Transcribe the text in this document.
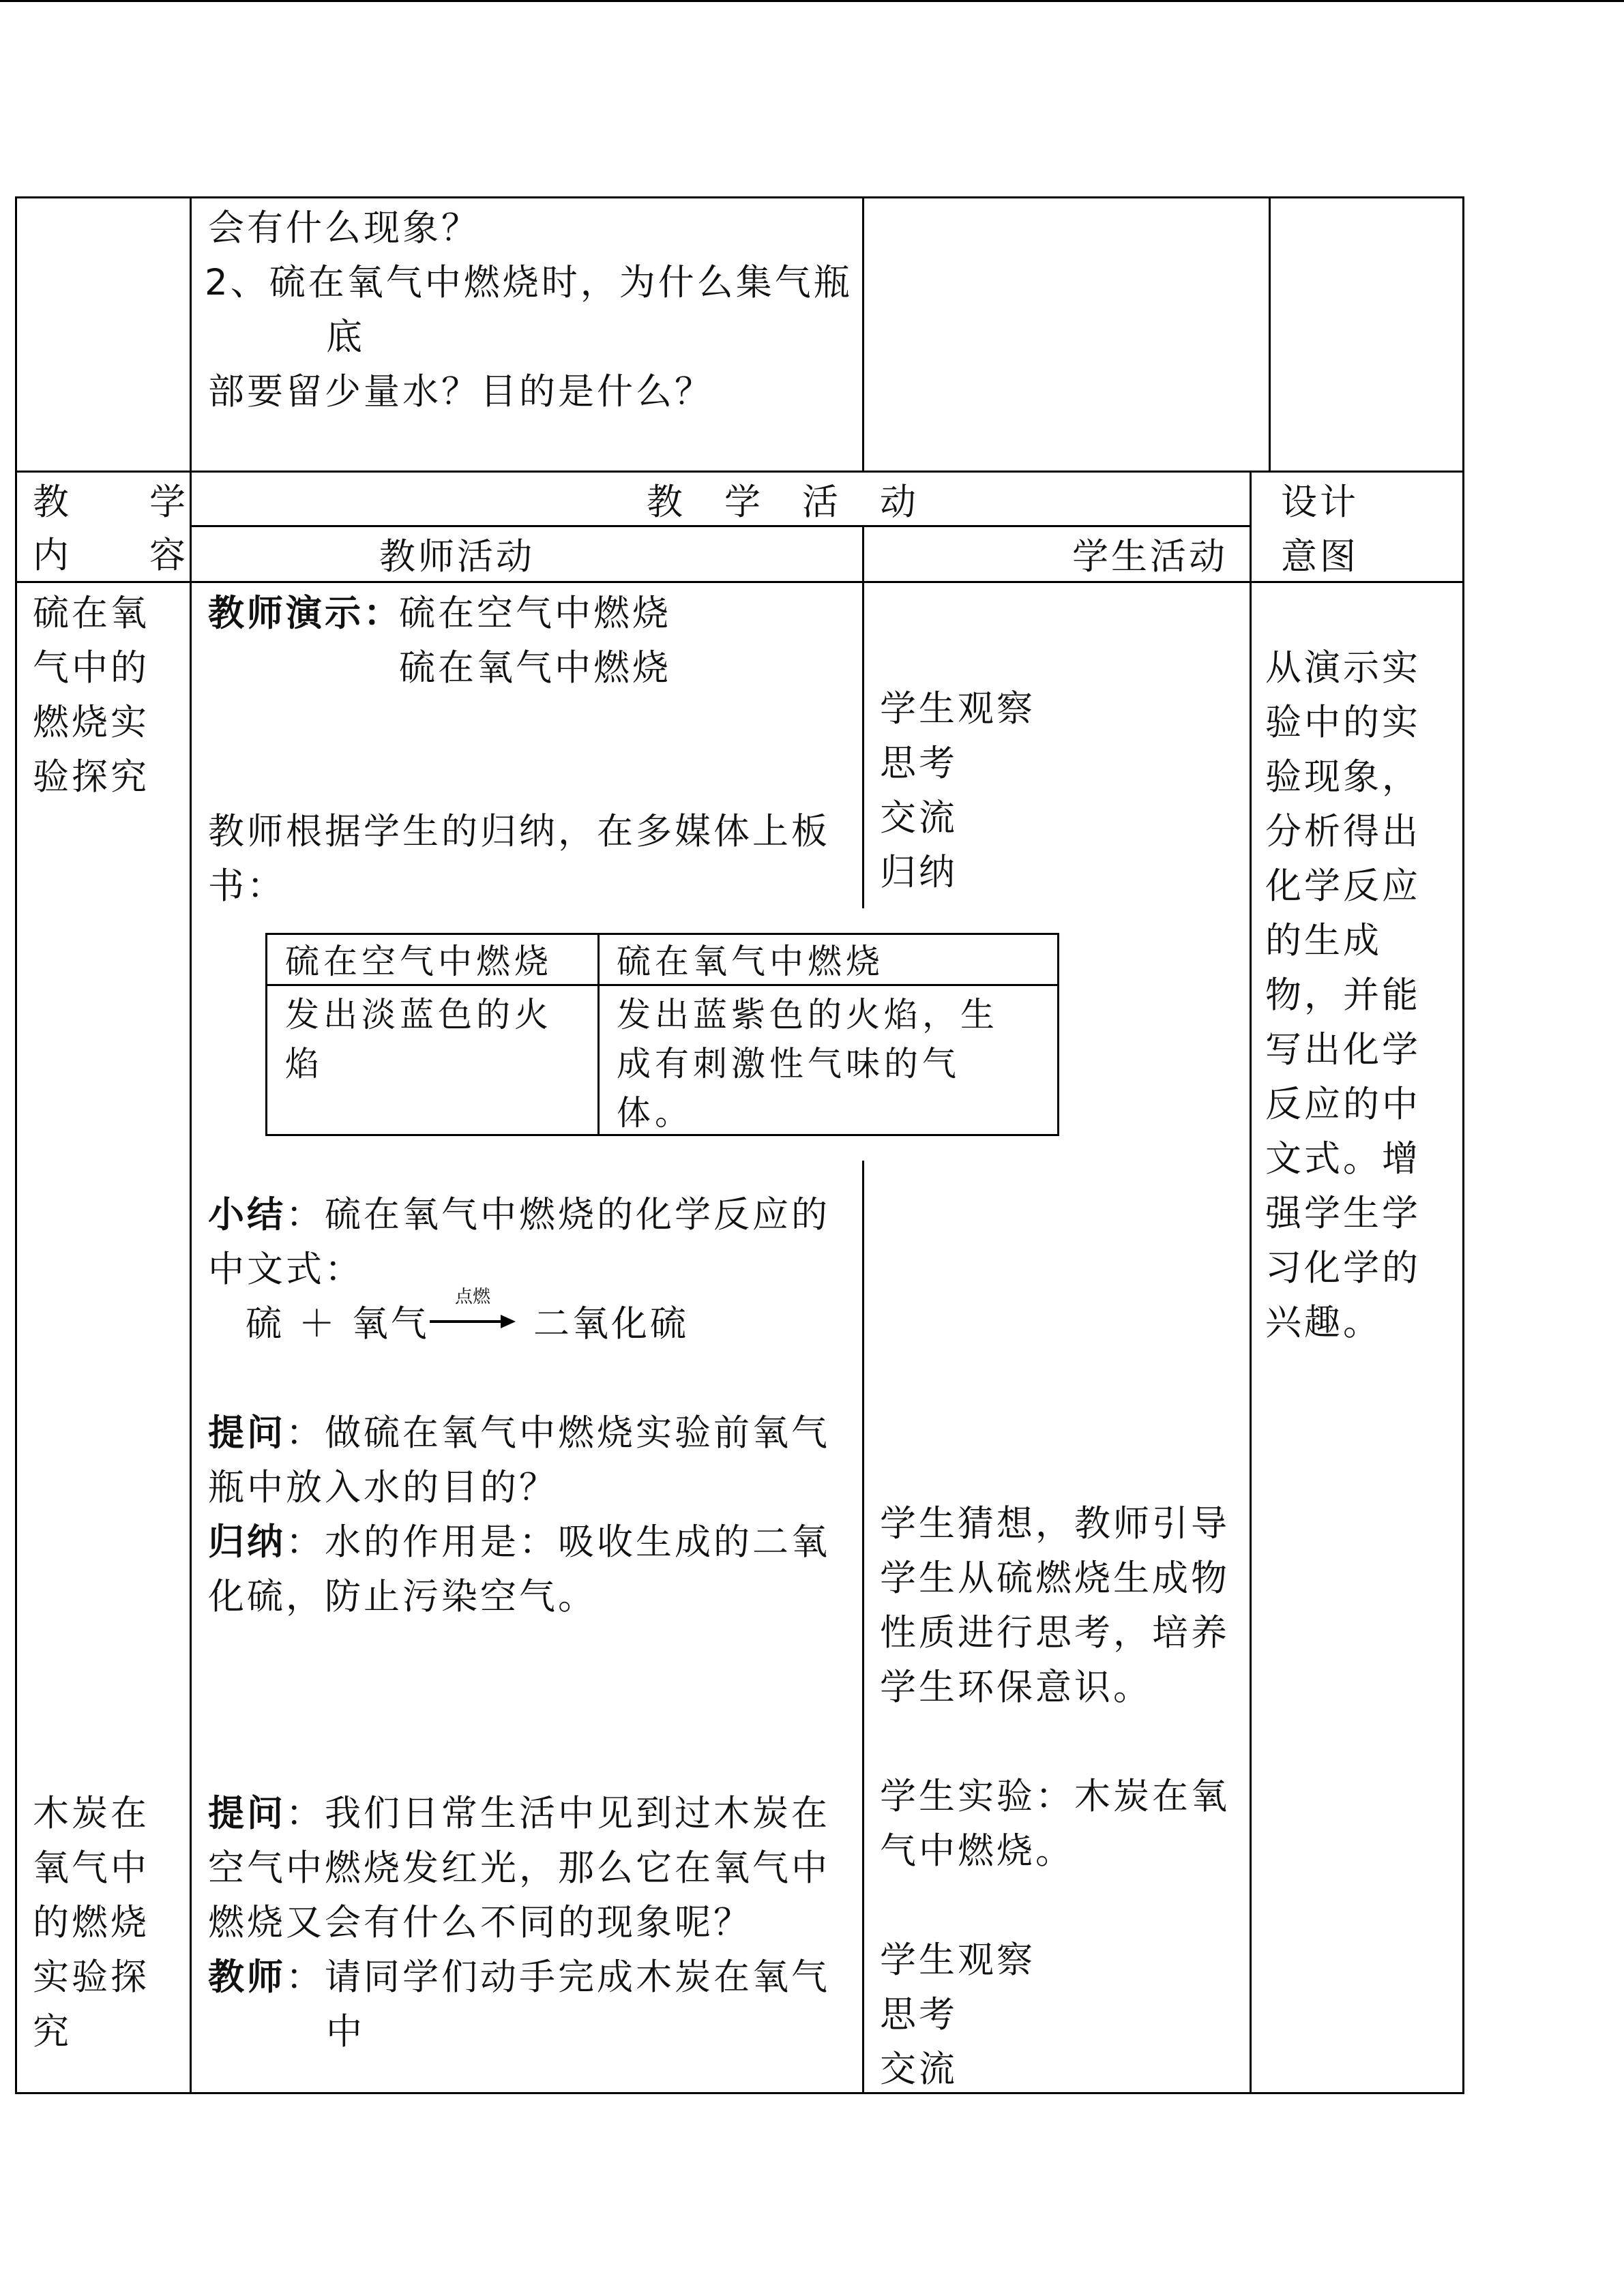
会有什么现象？
2、硫在氧气中燃烧时，为什么集气瓶
底
部要留少量水？目的是什么？
教　　学
内　　容
教　学　活　动
教师活动	学生活动
设计
意图
硫在氧
气中的
燃烧实
验探究
教师演示：
硫在空气中燃烧
硫在氧气中燃烧
教师根据学生的归纳，在多媒体上板
书：
硫在空气中燃烧 硫在氧气中燃烧
发出淡蓝色的火
焰
发出蓝紫色的火焰，生
成有刺激性气味的气
体。
小结：硫在氧气中燃烧的化学反应的
中文式：
硫 ＋ 氧气
点燃
二氧化硫
提问：做硫在氧气中燃烧实验前氧气
瓶中放入水的目的？
归纳：水的作用是：吸收生成的二氧
化硫，防止污染空气。
学生观察
思考
交流
归纳
学生猜想，教师引导
学生从硫燃烧生成物
性质进行思考，培养
学生环保意识。
从演示实
验中的实
验现象，
分析得出
化学反应
的生成
物，并能
写出化学
反应的中
文式。增
强学生学
习化学的
兴趣。
木炭在
氧气中
的燃烧
实验探
究
提问：我们日常生活中见到过木炭在
空气中燃烧发红光，那么它在氧气中
燃烧又会有什么不同的现象呢？
教师：请同学们动手完成木炭在氧气
中
学生实验：木炭在氧
气中燃烧。
学生观察
思考
交流
